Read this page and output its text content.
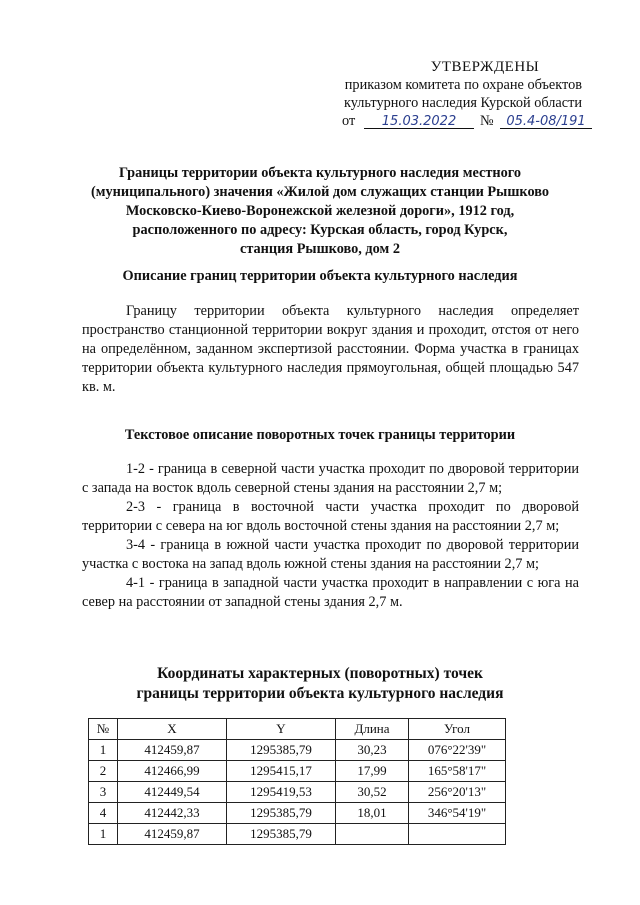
УТВЕРЖДЕНЫ
приказом комитета по охране объектов
культурного наследия Курской области
от	15.03.2022	№ 05.4-08/191
Границы территории объекта культурного наследия местного
(муниципального) значения «Жилой дом служащих станции Рышково
Московско-Киево-Воронежской железной дороги», 1912 год,
расположенного по адресу: Курская область, город Курск,
станция Рышково, дом 2
Описание границ территории объекта культурного наследия

Границу территории объекта культурного наследия определяет пространство станционной территории вокруг здания и проходит, отстоя от него на определённом, заданном экспертизой расстоянии. Форма участка в границах территории объекта культурного наследия прямоугольная, общей площадью 547 кв. м.

Текстовое описание поворотных точек границы территории

1-2 - граница в северной части участка проходит по дворовой территории с запада на восток вдоль северной стены здания на расстоянии 2,7 м;

2-3 - граница в восточной части участка проходит по дворовой территории с севера на юг вдоль восточной стены здания на расстоянии 2,7 м;

3-4 - граница в южной части участка проходит по дворовой территории участка с востока на запад вдоль южной стены здания на расстоянии 2,7 м;

4-1 - граница в западной части участка проходит в направлении с юга на север на расстоянии от западной стены здания 2,7 м.

Координаты характерных (поворотных) точек
границы территории объекта культурного наследия
№	X	Y	Длина	Угол
1	412459,87	1295385,79	30,23	076°22'39"
2	412466,99	1295415,17	17,99	165°58'17"
3	412449,54	1295419,53	30,52	256°20'13"
4	412442,33	1295385,79	18,01	346°54'19"
1	412459,87	1295385,79		
